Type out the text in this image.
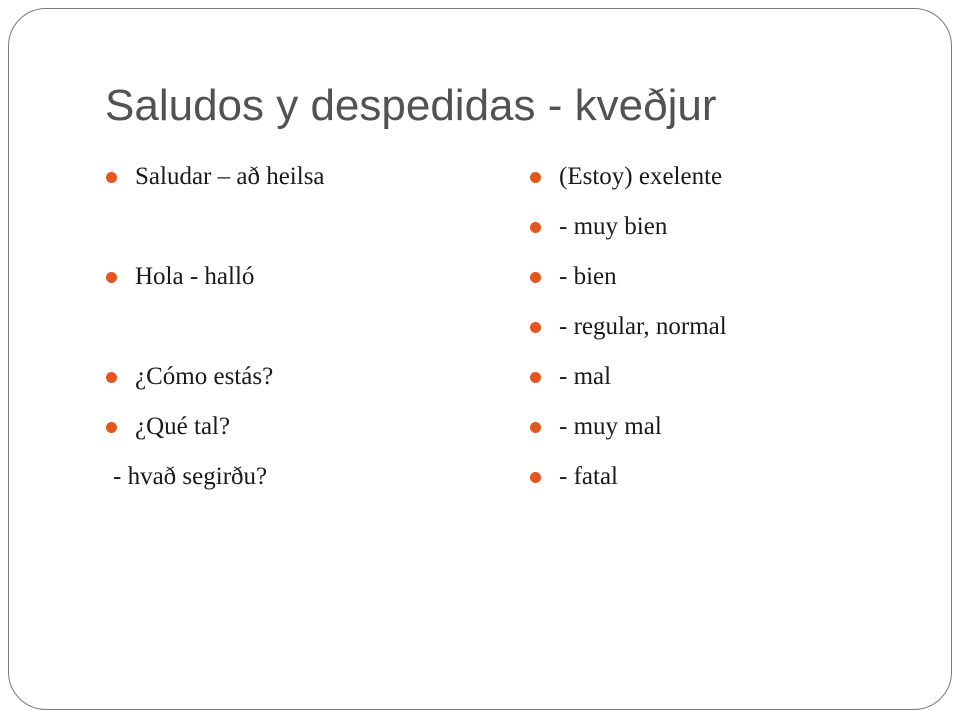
Saludos y despedidas - kveðjur
Saludar – að heilsa
Hola - halló
¿Cómo estás?
¿Qué tal?
- hvað segirðu?
(Estoy) exelente
- muy bien
- bien
- regular, normal
- mal
- muy mal
- fatal
